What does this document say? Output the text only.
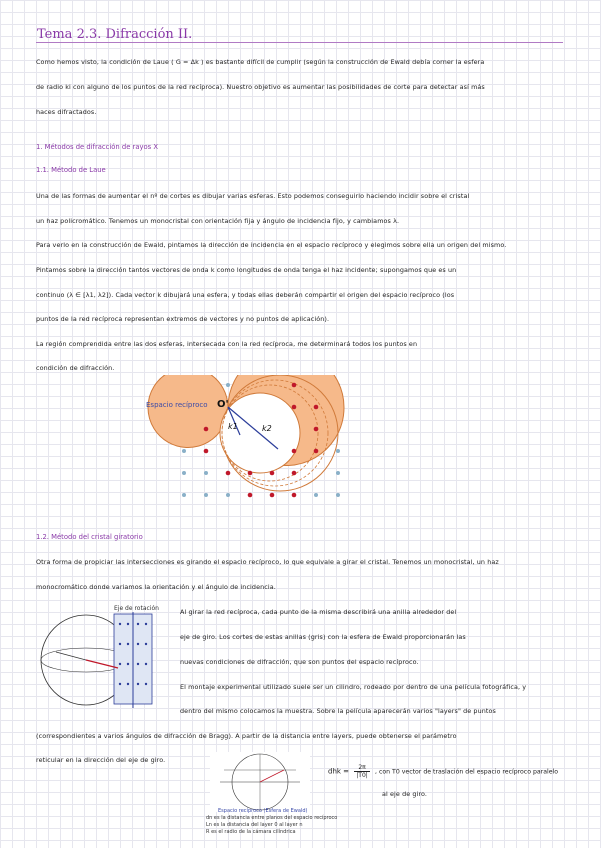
Tema 2.3. Difracción II.
Como hemos visto, la condición de Laue ( G = Δk ) es bastante difícil de cumplir (según la construcción de Ewald debía corner la esfera
de radio ki con alguno de los puntos de la red recíproca). Nuestro objetivo es aumentar las posibilidades de corte para detectar así más
haces difractados.
1. Métodos de difracción de rayos X
1.1. Método de Laue
Una de las formas de aumentar el nº de cortes es dibujar varias esferas. Esto podemos conseguirlo haciendo incidir sobre el cristal
un haz policromático. Tenemos un monocristal con orientación fija y ángulo de incidencia fijo, y cambiamos λ.
Para verlo en la construcción de Ewald, pintamos la dirección de incidencia en el espacio recíproco y elegimos sobre ella un origen del mismo.
Pintamos sobre la dirección tantos vectores de onda k como longitudes de onda tenga el haz incidente; supongamos que es un
continuo (λ ∈ [λ1, λ2]). Cada vector k dibujará una esfera, y todas ellas deberán compartir el origen del espacio recíproco (los
puntos de la red recíproca representan extremos de vectores y no puntos de aplicación).
La región comprendida entre las dos esferas, intersecada con la red recíproca, me determinará todos los puntos en
condición de difracción.
Espacio recíproco O'
k1	k2
1.2. Método del cristal giratorio
Otra forma de propiciar las intersecciones es girando el espacio recíproco, lo que equivale a girar el cristal. Tenemos un monocristal, un haz
monocromático donde variamos la orientación y el ángulo de incidencia.
Eje de rotación	Al girar la red recíproca, cada punto de la misma describirá una anilla alrededor del
eje de giro. Los cortes de estas anillas (gris) con la esfera de Ewald proporcionarán las
nuevas condiciones de difracción, que son puntos del espacio recíproco.
El montaje experimental utilizado suele ser un cilindro, rodeado por dentro de una película fotográfica, y
dentro del mismo colocamos la muestra. Sobre la película aparecerán varios "layers" de puntos
(correspondientes a varios ángulos de difracción de Bragg). A partir de la distancia entre layers, puede obtenerse el parámetro
reticular en la dirección del eje de giro.
Espacio recíproco (Esfera de Ewald)
dn es la distancia entre planos del espacio recíproco
Ln es la distancia del layer 0 al layer n
R es el radio de la cámara cilíndrica
dhk = $\frac{2\pi}{|T0|}$ , con T0 vector de traslación del espacio recíproco paralelo
al eje de giro.
